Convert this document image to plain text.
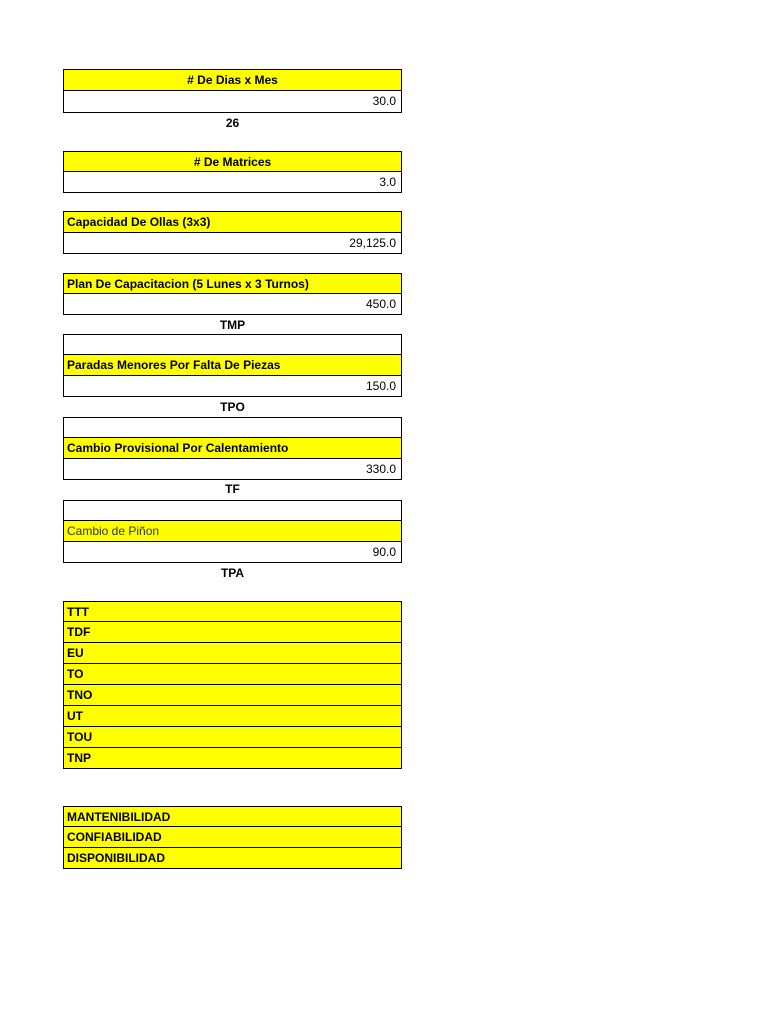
# De Dias x Mes
30.0
26
# De Matrices
3.0
Capacidad De Ollas (3x3)
29,125.0
Plan De Capacitacion (5 Lunes x 3 Turnos)
450.0
TMP
Paradas Menores Por Falta De Piezas
150.0
TPO
Cambio Provisional Por Calentamiento
330.0
TF
Cambio de Piñon
90.0
TPA
TTT
TDF
EU
TO
TNO
UT
TOU
TNP
MANTENIBILIDAD
CONFIABILIDAD
DISPONIBILIDAD
